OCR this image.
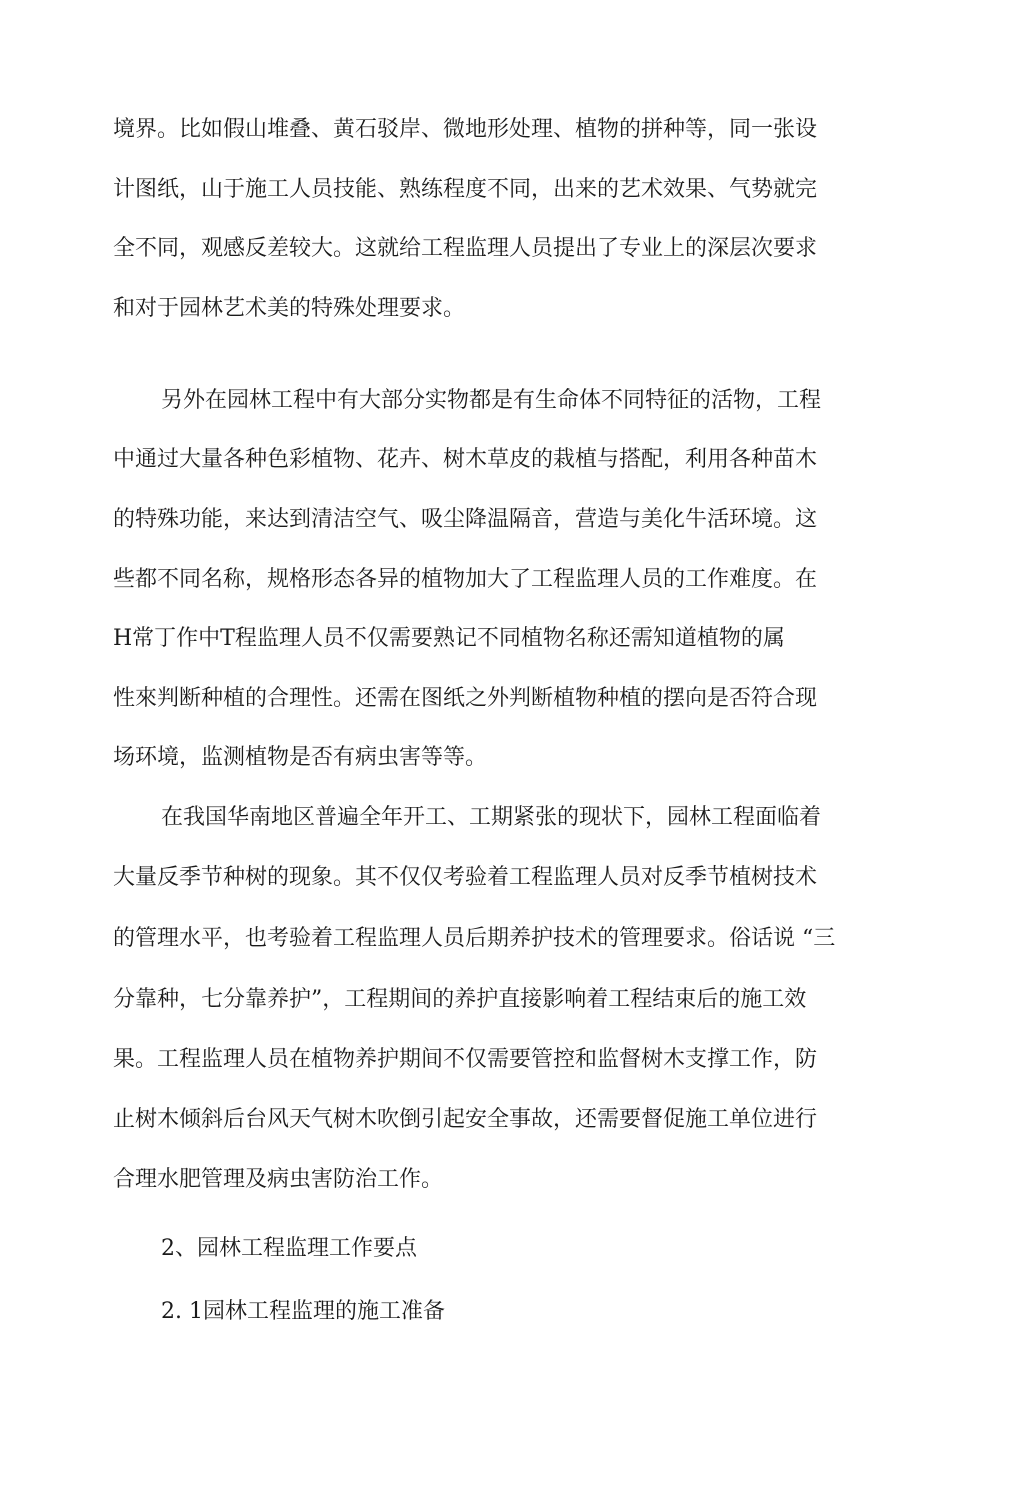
境界。比如假山堆叠、黄石驳岸、微地形处理、植物的拼种等，同一张设

计图纸，山于施工人员技能、熟练程度不同，出来的艺术效果、气势就完

全不同，观感反差较大。这就给工程监理人员提出了专业上的深层次要求

和对于园林艺术美的特殊处理要求。

另外在园林工程中有大部分实物都是有生命体不同特征的活物，工程

中通过大量各种色彩植物、花卉、树木草皮的栽植与搭配，利用各种苗木

的特殊功能，来达到清洁空气、吸尘降温隔音，营造与美化牛活环境。这

些都不同名称，规格形态各异的植物加大了工程监理人员的工作难度。在

H常丁作中T程监理人员不仅需要熟记不同植物名称还需知道植物的属

性來判断种植的合理性。还需在图纸之外判断植物种植的摆向是否符合现

场环境，监测植物是否有病虫害等等。

在我国华南地区普遍全年开工、工期紧张的现状下，园林工程面临着

大量反季节种树的现象。其不仅仅考验着工程监理人员对反季节植树技术

的管理水平，也考验着工程监理人员后期养护技术的管理要求。俗话说 “三

分靠种，七分靠养护”，工程期间的养护直接影响着工程结束后的施工效

果。工程监理人员在植物养护期间不仅需要管控和监督树木支撑工作，防

止树木倾斜后台风天气树木吹倒引起安全事故，还需要督促施工单位进行

合理水肥管理及病虫害防治工作。

2、园林工程监理工作要点

2. 1园林工程监理的施工准备
